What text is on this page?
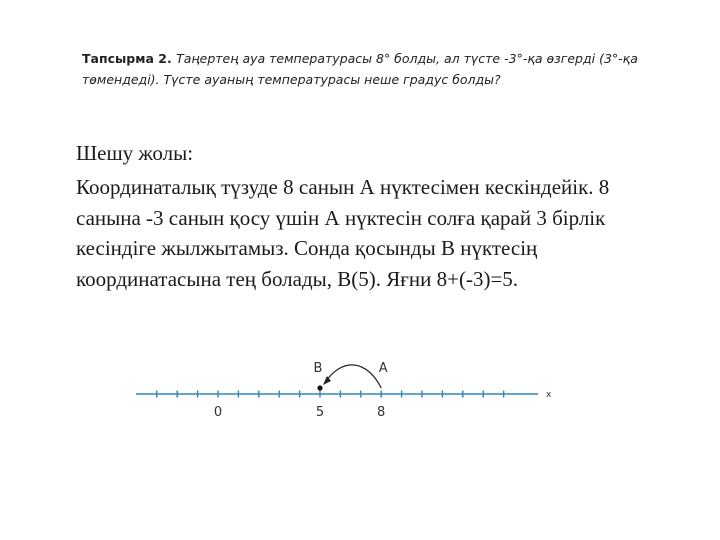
Тапсырма 2. Таңертең ауа температурасы 8° болды, ал түсте -3°-қа өзгерді (3°-қа төмендеді). Түсте ауаның температурасы неше градус болды?
Шешу жолы:
Координаталық түзуде 8 санын А нүктесімен кескіндейік. 8 санына -3 санын қосу үшін А нүктесін солға қарай 3 бірлік кесіндіге жылжытамыз. Сонда қосынды В нүктесің координатасына тең болады, В(5). Яғни 8+(-3)=5.
0	5	8
B	A
x
